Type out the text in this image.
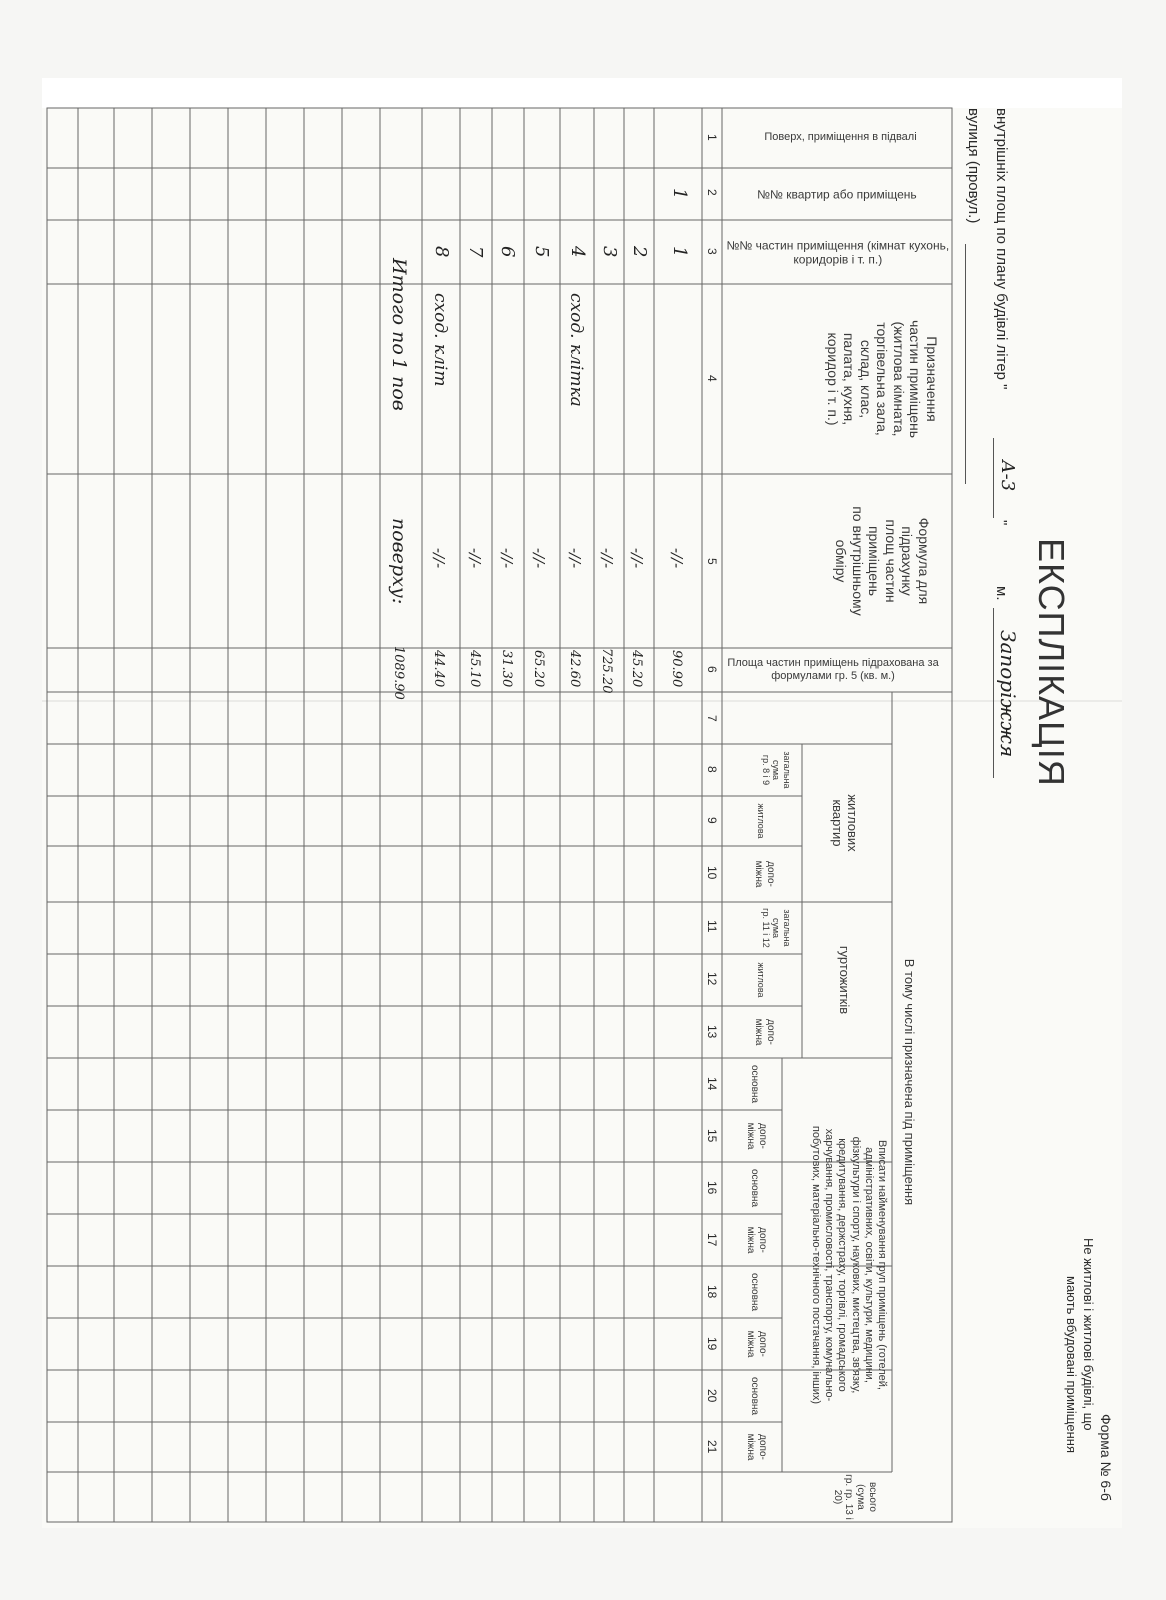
Форма № 6-б
Не житлові і житлові будівлі, що
мають вбудовані приміщення
ЕКСПЛІКАЦІЯ
внутрішніх площ по плану будівлі літер "
А-3
"
м.
Запоріжжя
вулиця (провул.)
Поверх, приміщення в підвалі
№№ квартир або приміщень
№№ частин приміщення (кімнат кухонь, коридорів і т. п.)
Призначення
частин приміщень
(житлова кімната,
торгівельна зала,
склад, клас,
палата, кухня,
коридор і т. п.)
Формула для
підрахунку
площ частин
приміщень
по внутрішньому
обміру
Площа частин приміщень підрахована за формулами гр. 5 (кв. м.)
В тому числі призначена під приміщення
житлових
квартир
гуртожитків
Вписати найменування груп приміщень (готелей,
адміністративних, освіти, культури, медицини,
фізкультури і спорту, наукових, мистецтва, зв'язку,
кредитування, держстраху, торгівлі, громадського
харчування, промисловості, транспорту, комунально-
побутових, матеріально-технічного постачання, інших)
загальна
сума
гр. 8 і 9
житлова
допо-
міжна
загальна
сума
гр. 11 і 12
житлова
допо-
міжна
основна
допо-
міжна
основна
допо-
міжна
основна
допо-
міжна
основна
допо-
міжна
всього
(сума
гр. гр. 13 і 20)
1
2
3
4
5
6
7
8
9
10
11
12
13
14
15
16
17
18
19
20
21
1
1
-//-
90.90
2
-//-
45.20
3
-//-
725.20
4
сход. клітка
-//-
42.60
5
-//-
65.20
6
-//-
31.30
7
-//-
45.10
8
сход. кліт
-//-
44.40
Итого по
1 пов
поверху:
1089.90
